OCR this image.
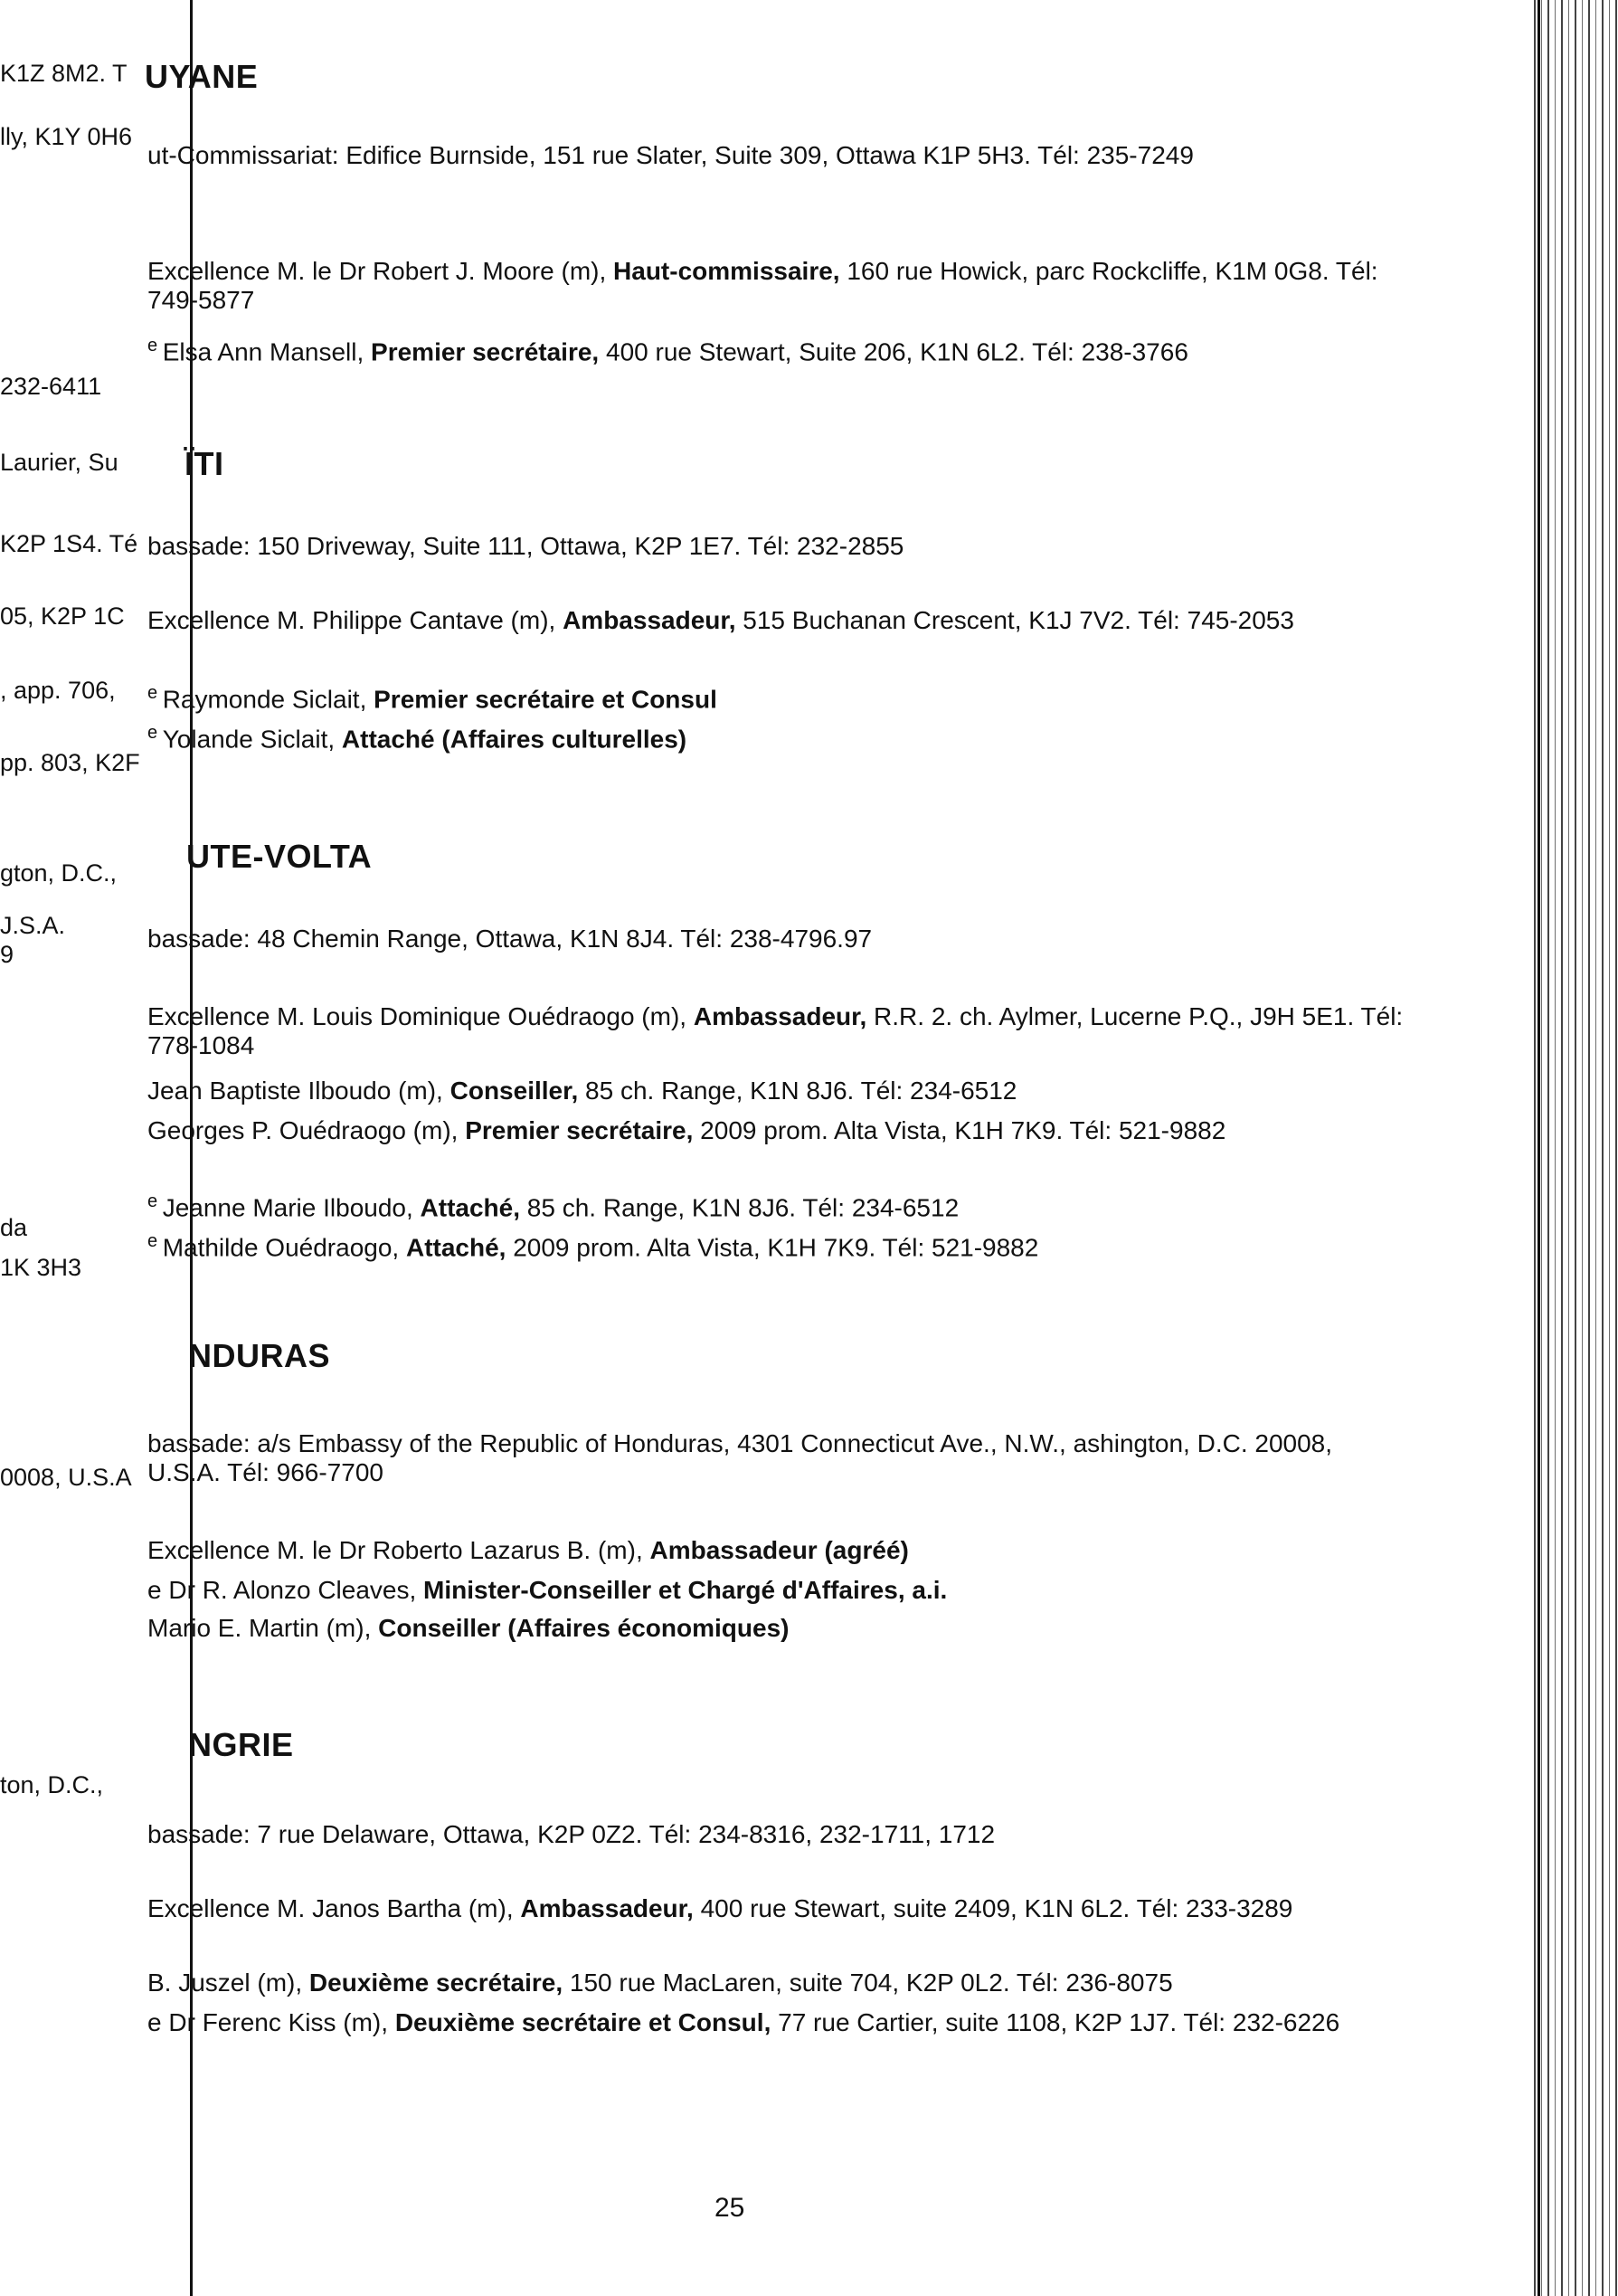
K1Z 8M2. T
lly, K1Y 0H6
232-6411
Laurier, Su
K2P 1S4. Té
05, K2P 1C
, app. 706,
pp. 803, K2F
gton, D.C.,
J.S.A.
9
da
1K 3H3
0008, U.S.A
ton, D.C.,
UYANE
ut-Commissariat: Edifice Burnside, 151 rue Slater, Suite 309, Ottawa K1P 5H3. Tél: 235-7249
Excellence M. le Dr Robert J. Moore (m), Haut-commissaire, 160 rue Howick, parc Rockcliffe, K1M 0G8. Tél: 749-5877
$^e$ Elsa Ann Mansell, Premier secrétaire, 400 rue Stewart, Suite 206, K1N 6L2. Tél: 238-3766
ÏTI
bassade: 150 Driveway, Suite 111, Ottawa, K2P 1E7. Tél: 232-2855
Excellence M. Philippe Cantave (m), Ambassadeur, 515 Buchanan Crescent, K1J 7V2. Tél: 745-2053
$^e$ Raymonde Siclait, Premier secrétaire et Consul
$^e$ Yolande Siclait, Attaché (Affaires culturelles)
UTE-VOLTA
bassade: 48 Chemin Range, Ottawa, K1N 8J4. Tél: 238-4796.97
Excellence M. Louis Dominique Ouédraogo (m), Ambassadeur, R.R. 2. ch. Aylmer, Lucerne P.Q., J9H 5E1. Tél: 778-1084
Jean Baptiste Ilboudo (m), Conseiller, 85 ch. Range, K1N 8J6. Tél: 234-6512
Georges P. Ouédraogo (m), Premier secrétaire, 2009 prom. Alta Vista, K1H 7K9. Tél: 521-9882
$^e$ Jeanne Marie Ilboudo, Attaché, 85 ch. Range, K1N 8J6. Tél: 234-6512
$^e$ Mathilde Ouédraogo, Attaché, 2009 prom. Alta Vista, K1H 7K9. Tél: 521-9882
NDURAS
bassade: a/s Embassy of the Republic of Honduras, 4301 Connecticut Ave., N.W., ashington, D.C. 20008, U.S.A. Tél: 966-7700
Excellence M. le Dr Roberto Lazarus B. (m), Ambassadeur (agréé)
e Dr R. Alonzo Cleaves, Minister-Conseiller et Chargé d'Affaires, a.i.
Mario E. Martin (m), Conseiller (Affaires économiques)
NGRIE
bassade: 7 rue Delaware, Ottawa, K2P 0Z2. Tél: 234-8316, 232-1711, 1712
Excellence M. Janos Bartha (m), Ambassadeur, 400 rue Stewart, suite 2409, K1N 6L2. Tél: 233-3289
B. Juszel (m), Deuxième secrétaire, 150 rue MacLaren, suite 704, K2P 0L2. Tél: 236-8075
e Dr Ferenc Kiss (m), Deuxième secrétaire et Consul, 77 rue Cartier, suite 1108, K2P 1J7. Tél: 232-6226
25
